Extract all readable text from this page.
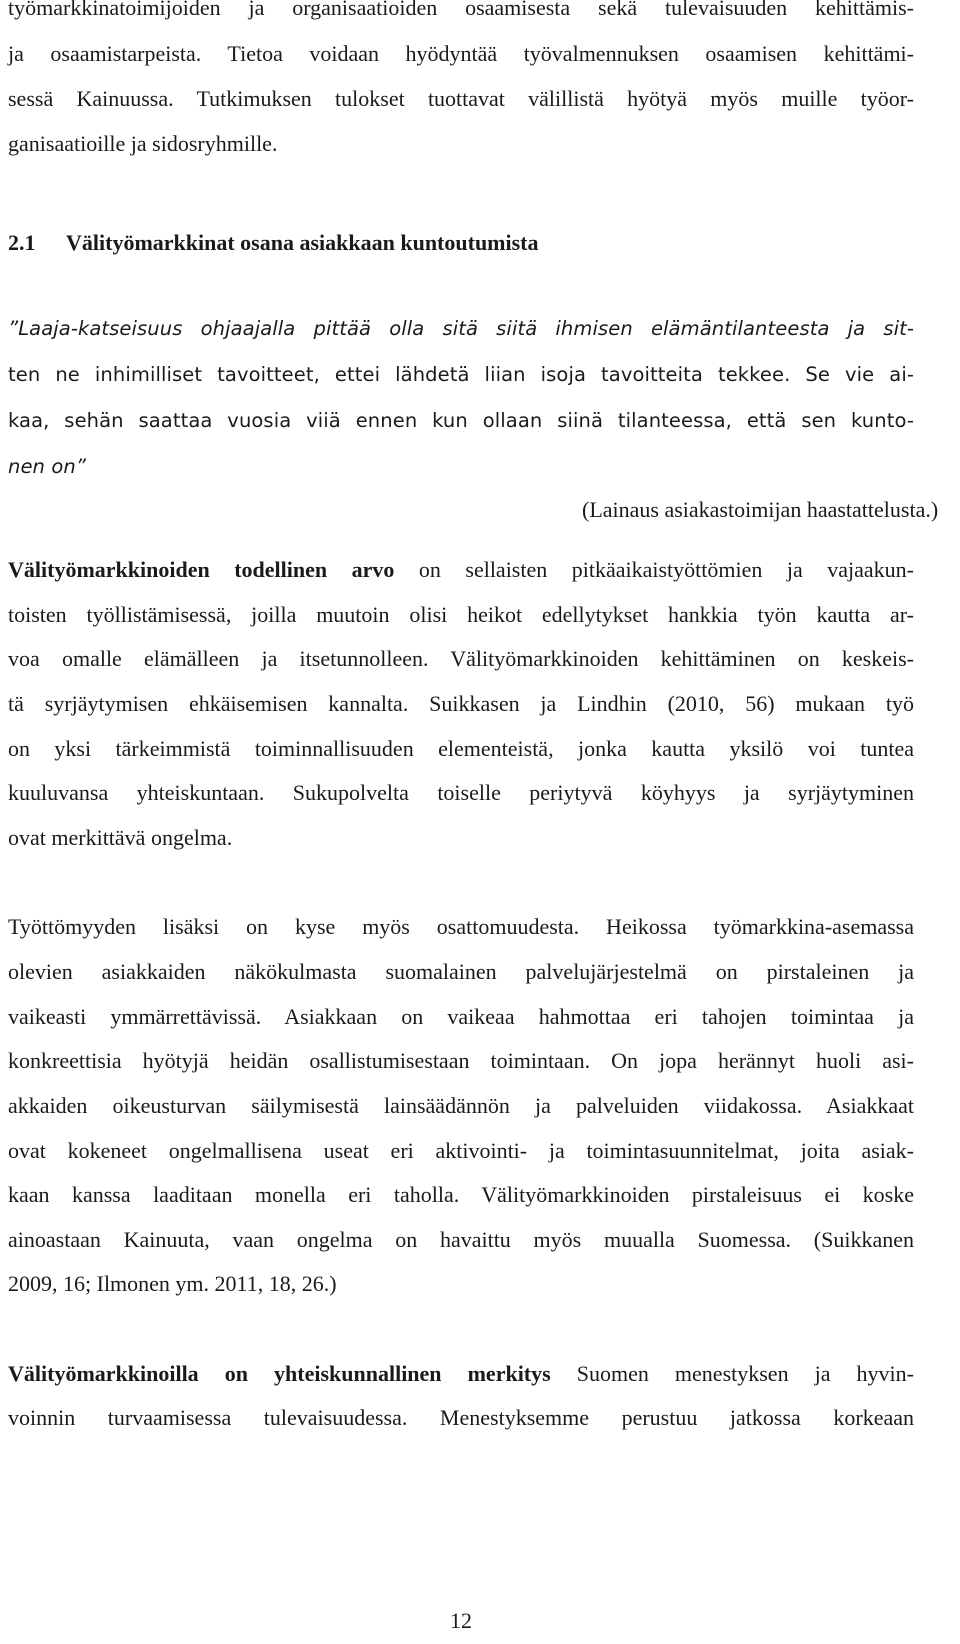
työmarkkinatoimijoiden ja organisaatioiden osaamisesta sekä tulevaisuuden kehittämis-
ja osaamistarpeista. Tietoa voidaan hyödyntää työvalmennuksen osaamisen kehittämi-
sessä Kainuussa. Tutkimuksen tulokset tuottavat välillistä hyötyä myös muille työor-
ganisaatioille ja sidosryhmille.
2.1 Välityömarkkinat osana asiakkaan kuntoutumista
”Laaja-katseisuus ohjaajalla pittää olla sitä siitä ihmisen elämäntilanteesta ja sit-
ten ne inhimilliset tavoitteet, ettei lähdetä liian isoja tavoitteita tekkee. Se vie ai-
kaa, sehän saattaa vuosia viiä ennen kun ollaan siinä tilanteessa, että sen kunto-
nen on”
(Lainaus asiakastoimijan haastattelusta.)
Välityömarkkinoiden todellinen arvo on sellaisten pitkäaikaistyöttömien ja vajaakun-
toisten työllistämisessä, joilla muutoin olisi heikot edellytykset hankkia työn kautta ar-
voa omalle elämälleen ja itsetunnolleen. Välityömarkkinoiden kehittäminen on keskeis-
tä syrjäytymisen ehkäisemisen kannalta. Suikkasen ja Lindhin (2010, 56) mukaan työ
on yksi tärkeimmistä toiminnallisuuden elementeistä, jonka kautta yksilö voi tuntea
kuuluvansa yhteiskuntaan. Sukupolvelta toiselle periytyvä köyhyys ja syrjäytyminen
ovat merkittävä ongelma.
Työttömyyden lisäksi on kyse myös osattomuudesta. Heikossa työmarkkina-asemassa
olevien asiakkaiden näkökulmasta suomalainen palvelujärjestelmä on pirstaleinen ja
vaikeasti ymmärrettävissä. Asiakkaan on vaikeaa hahmottaa eri tahojen toimintaa ja
konkreettisia hyötyjä heidän osallistumisestaan toimintaan. On jopa herännyt huoli asi-
akkaiden oikeusturvan säilymisestä lainsäädännön ja palveluiden viidakossa. Asiakkaat
ovat kokeneet ongelmallisena useat eri aktivointi- ja toimintasuunnitelmat, joita asiak-
kaan kanssa laaditaan monella eri taholla. Välityömarkkinoiden pirstaleisuus ei koske
ainoastaan Kainuuta, vaan ongelma on havaittu myös muualla Suomessa. (Suikkanen
2009, 16; Ilmonen ym. 2011, 18, 26.)
Välityömarkkinoilla on yhteiskunnallinen merkitys Suomen menestyksen ja hyvin-
voinnin turvaamisessa tulevaisuudessa. Menestyksemme perustuu jatkossa korkeaan
12
